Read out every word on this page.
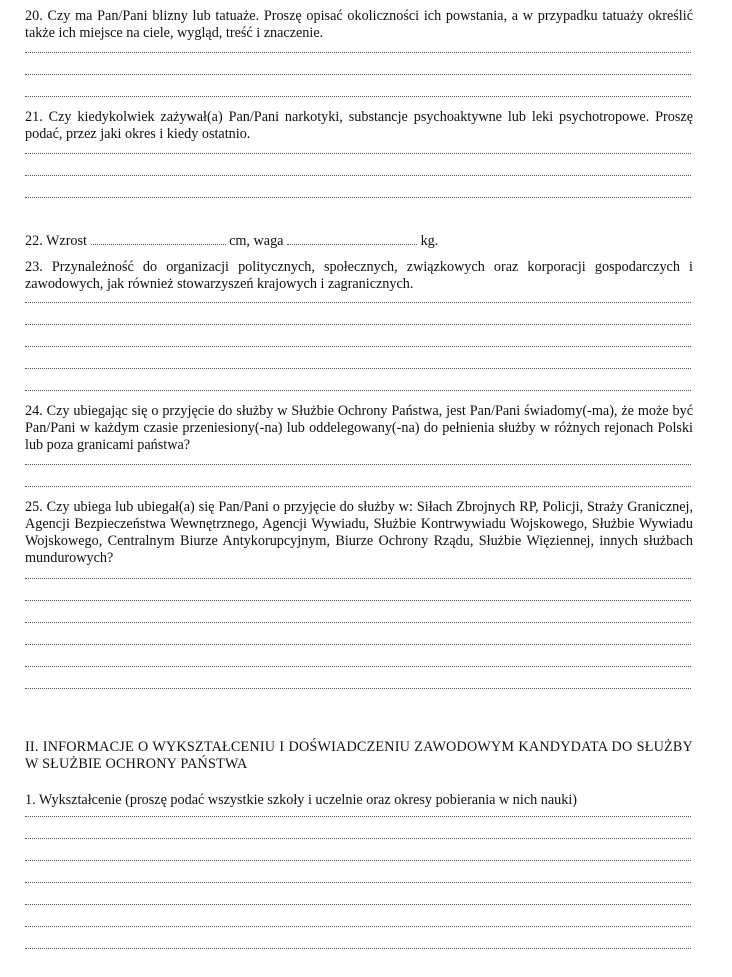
20. Czy ma Pan/Pani blizny lub tatuaże. Proszę opisać okoliczności ich powstania, a w przypadku tatuaży określić także ich miejsce na ciele, wygląd, treść i znaczenie.
21. Czy kiedykolwiek zażywał(a) Pan/Pani narkotyki, substancje psychoaktywne lub leki psychotropowe. Proszę podać, przez jaki okres i kiedy ostatnio.
22. Wzrost	cm, waga	kg.
23. Przynależność do organizacji politycznych, społecznych, związkowych oraz korporacji gospodarczych i zawodowych, jak również stowarzyszeń krajowych i zagranicznych.
24. Czy ubiegając się o przyjęcie do służby w Służbie Ochrony Państwa, jest Pan/Pani świadomy(-ma), że może być Pan/Pani w każdym czasie przeniesiony(-na) lub oddelegowany(-na) do pełnienia służby w różnych rejonach Polski lub poza granicami państwa?
25. Czy ubiega lub ubiegał(a) się Pan/Pani o przyjęcie do służby w: Siłach Zbrojnych RP, Policji, Straży Granicznej, Agencji Bezpieczeństwa Wewnętrznego, Agencji Wywiadu, Służbie Kontrwywiadu Wojskowego, Służbie Wywiadu Wojskowego, Centralnym Biurze Antykorupcyjnym, Biurze Ochrony Rządu, Służbie Więziennej, innych służbach mundurowych?
II. INFORMACJE O WYKSZTAŁCENIU I DOŚWIADCZENIU ZAWODOWYM KANDYDATA DO SŁUŻBY W SŁUŻBIE OCHRONY PAŃSTWA
1. Wykształcenie (proszę podać wszystkie szkoły i uczelnie oraz okresy pobierania w nich nauki)
